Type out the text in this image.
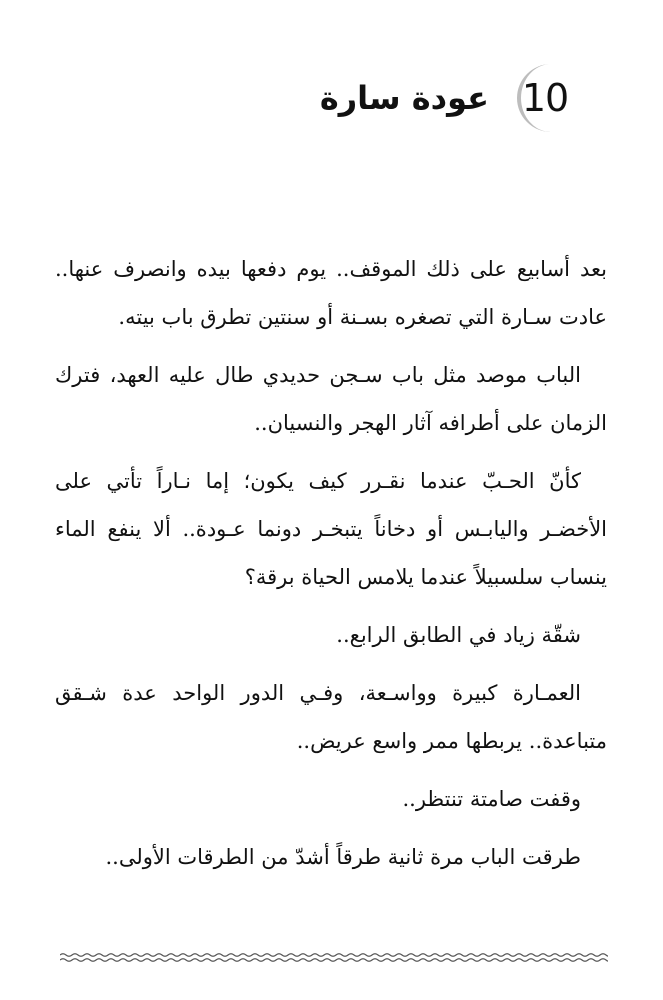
10
عودة سارة

بعد أسابيع على ذلك الموقف.. يوم دفعها بيده وانصرف عنها.. عادت سـارة التي تصغره بسـنة أو سنتين تطرق باب بيته.

الباب موصد مثل باب سـجن حديدي طال عليه العهد، فترك الزمان على أطرافه آثار الهجر والنسيان..

كأنّ الحـبّ عندما نقـرر كيف يكون؛ إما نـاراً تأتي على الأخضـر واليابـس أو دخاناً يتبخـر دونما عـودة.. ألا ينفع الماء ينساب سلسبيلاً عندما يلامس الحياة برقة؟

شقّة زياد في الطابق الرابع..

العمـارة كبيرة وواسـعة، وفـي الدور الواحد عدة شـقق متباعدة.. يربطها ممر واسع عريض..

وقفت صامتة تنتظر..

طرقت الباب مرة ثانية طرقاً أشدّ من الطرقات الأولى..
